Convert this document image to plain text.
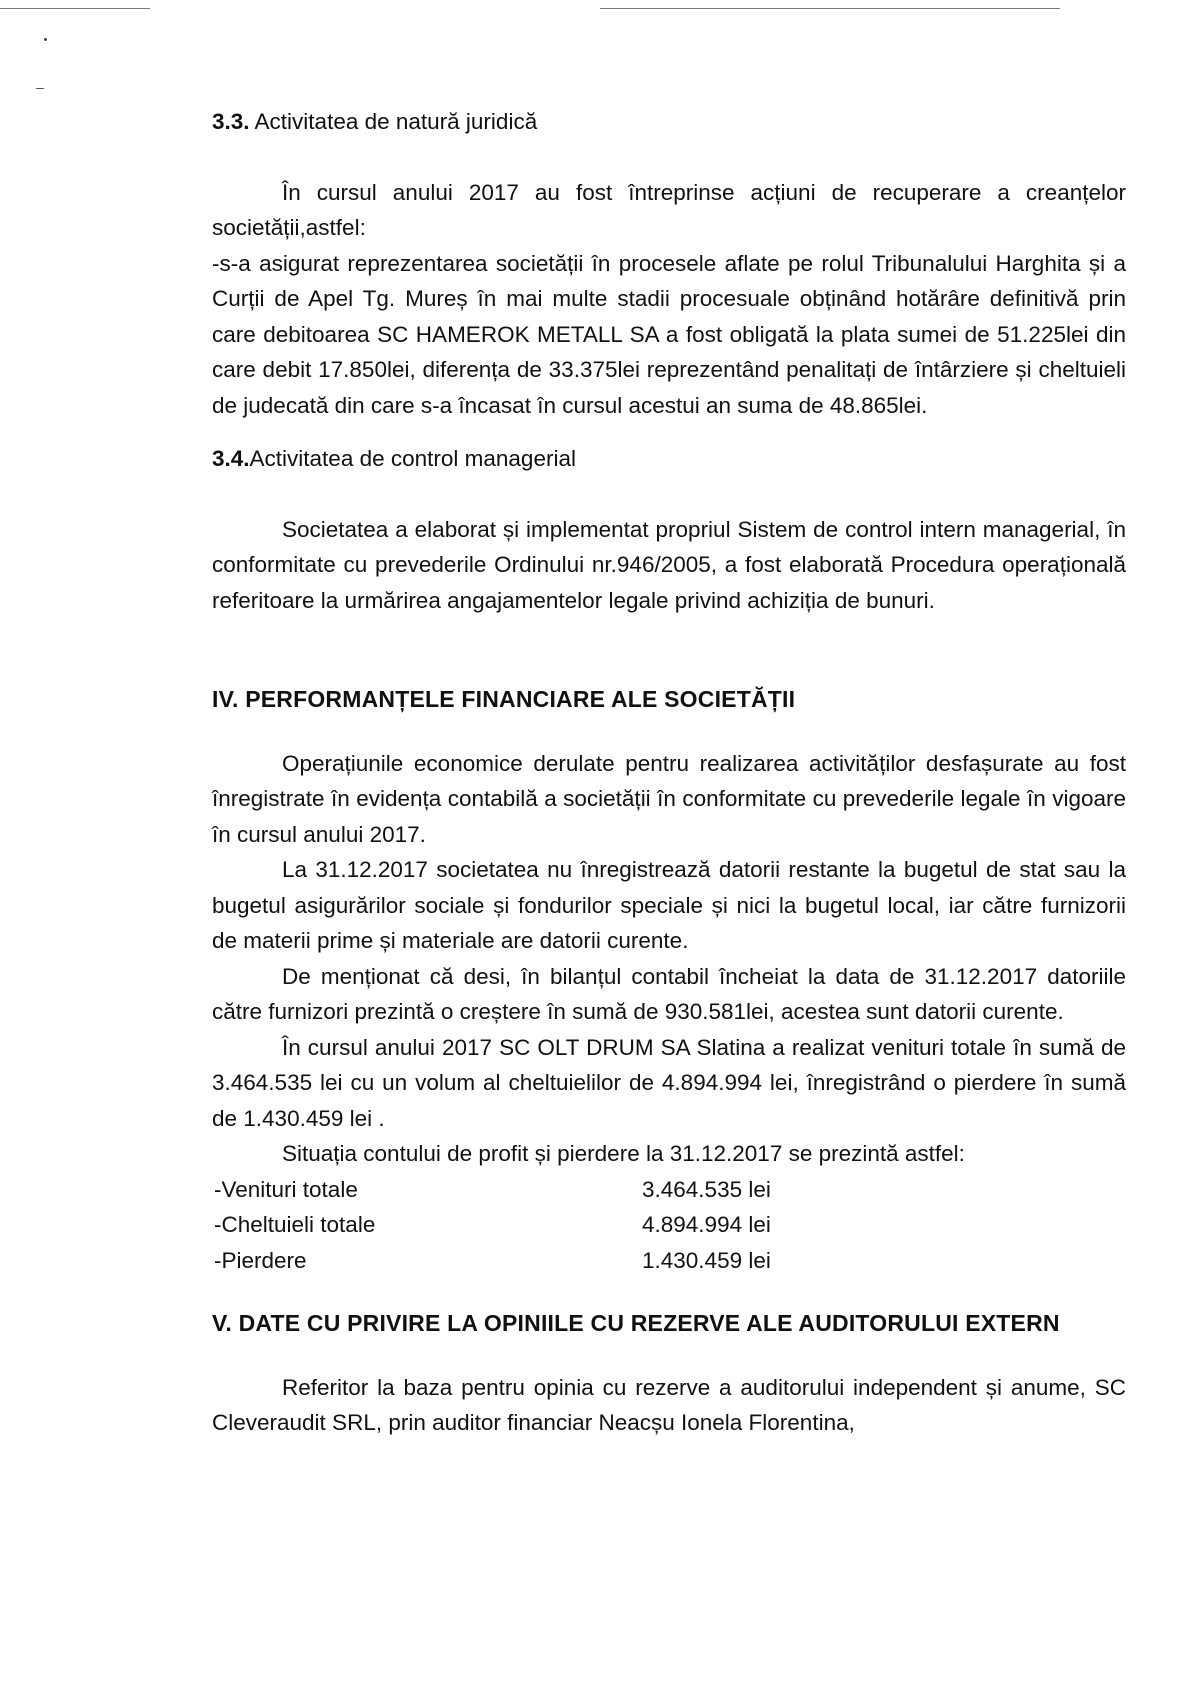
3.3. Activitatea de natură juridică

În cursul anului 2017 au fost întreprinse acțiuni de recuperare a creanțelor societății,astfel:

-s-a asigurat reprezentarea societății în procesele aflate pe rolul Tribunalului Harghita și a Curții de Apel Tg. Mureș în mai multe stadii procesuale obținând hotărâre definitivă prin care debitoarea SC HAMEROK METALL SA a fost obligată la plata sumei de 51.225lei din care debit 17.850lei, diferența de 33.375lei reprezentând penalitați de întârziere și cheltuieli de judecată din care s-a încasat în cursul acestui an suma de 48.865lei.

3.4.Activitatea de control managerial

Societatea a elaborat și implementat propriul Sistem de control intern managerial, în conformitate cu prevederile Ordinului nr.946/2005, a fost elaborată Procedura operațională referitoare la urmărirea angajamentelor legale privind achiziția de bunuri.

IV. PERFORMANȚELE FINANCIARE ALE SOCIETĂȚII

Operațiunile economice derulate pentru realizarea activităților desfașurate au fost înregistrate în evidența contabilă a societății în conformitate cu prevederile legale în vigoare în cursul anului 2017.

La 31.12.2017 societatea nu înregistrează datorii restante la bugetul de stat sau la bugetul asigurărilor sociale și fondurilor speciale și nici la bugetul local, iar către furnizorii de materii prime și materiale are datorii curente.

De menționat că desi, în bilanțul contabil încheiat la data de 31.12.2017 datoriile către furnizori prezintă o creștere în sumă de 930.581lei, acestea sunt datorii curente.

În cursul anului 2017 SC OLT DRUM SA Slatina a realizat venituri totale în sumă de 3.464.535 lei cu un volum al cheltuielilor de 4.894.994 lei, înregistrând o pierdere în sumă de 1.430.459 lei .

Situația contului de profit și pierdere la 31.12.2017 se prezintă astfel:

-Venituri totale	3.464.535 lei
-Cheltuieli totale	4.894.994 lei
-Pierdere	1.430.459 lei

V. DATE CU PRIVIRE LA OPINIILE CU REZERVE ALE AUDITORULUI EXTERN

Referitor la baza pentru opinia cu rezerve a auditorului independent și anume, SC Cleveraudit SRL, prin auditor financiar Neacșu Ionela Florentina,
